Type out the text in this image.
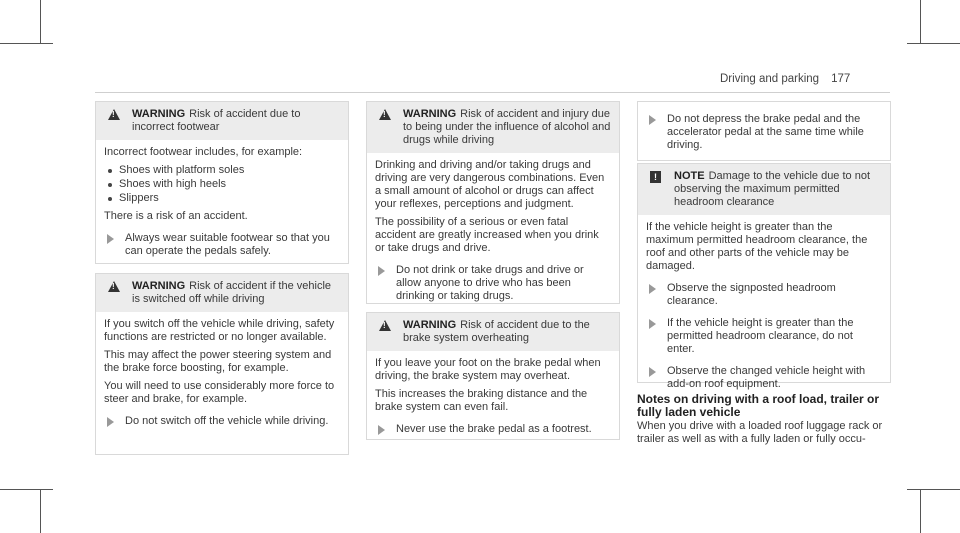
Driving and parking 177
!
WARNING Risk of accident due to incorrect footwear

Incorrect footwear includes, for example:

Shoes with platform soles
Shoes with high heels
Slippers

There is a risk of an accident.

Always wear suitable footwear so that you can operate the pedals safely.
!
WARNING Risk of accident if the vehicle is switched off while driving

If you switch off the vehicle while driving, safety functions are restricted or no longer available.

This may affect the power steering system and the brake force boosting, for example.

You will need to use considerably more force to steer and brake, for example.

Do not switch off the vehicle while driving.
!
WARNING Risk of accident and injury due to being under the influence of alcohol and drugs while driving

Drinking and driving and/or taking drugs and driving are very dangerous combinations. Even a small amount of alcohol or drugs can affect your reflexes, perceptions and judgment.

The possibility of a serious or even fatal accident are greatly increased when you drink or take drugs and drive.

Do not drink or take drugs and drive or allow anyone to drive who has been drinking or taking drugs.
!
WARNING Risk of accident due to the brake system overheating

If you leave your foot on the brake pedal when driving, the brake system may overheat.

This increases the braking distance and the brake system can even fail.

Never use the brake pedal as a footrest.
Do not depress the brake pedal and the accelerator pedal at the same time while driving.
!	NOTE Damage to the vehicle due to not observing the maximum permitted headroom clearance

If the vehicle height is greater than the maximum permitted headroom clearance, the roof and other parts of the vehicle may be damaged.

Observe the signposted headroom clearance.
If the vehicle height is greater than the permitted headroom clearance, do not enter.
Observe the changed vehicle height with add-on roof equipment.
Notes on driving with a roof load, trailer or fully laden vehicle
When you drive with a loaded roof luggage rack or trailer as well as with a fully laden or fully occu-
